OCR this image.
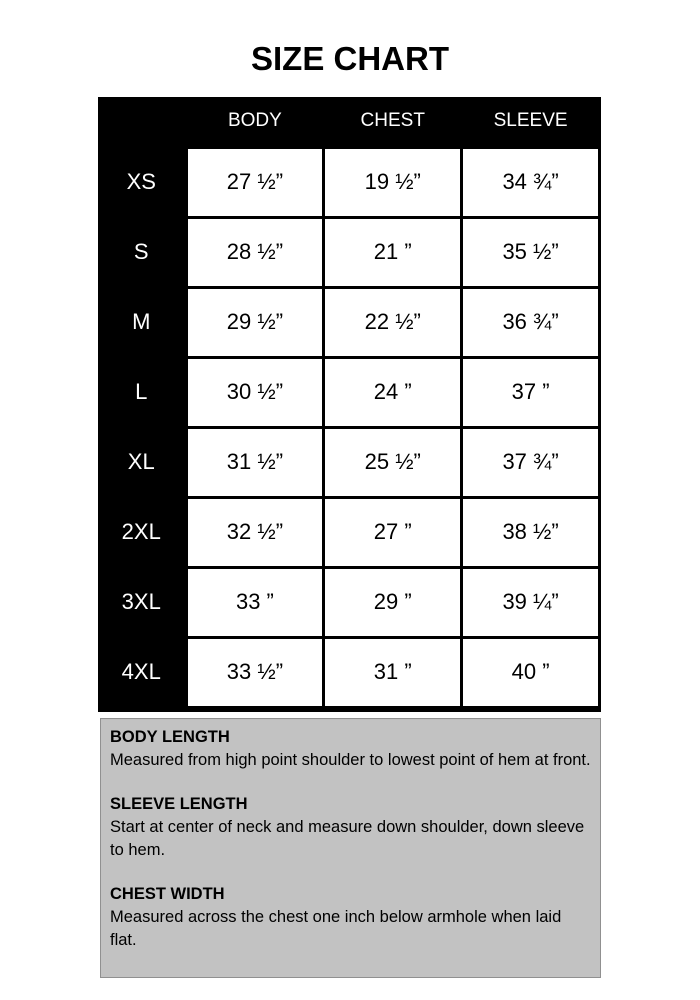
SIZE CHART
	BODY	CHEST	SLEEVE
XS	27 ½”	19 ½”	34 ¾”
S	28 ½”	21 ”	35 ½”
M	29 ½”	22 ½”	36 ¾”
L	30 ½”	24 ”	37 ”
XL	31 ½”	25 ½”	37 ¾”
2XL	32 ½”	27 ”	38 ½”
3XL	33 ”	29 ”	39 ¼”
4XL	33 ½”	31 ”	40 ”
BODY LENGTH

Measured from high point shoulder to lowest point of hem at front.

SLEEVE LENGTH

Start at center of neck and measure down shoulder, down sleeve to hem.

CHEST WIDTH

Measured across the chest one inch below armhole when laid flat.
